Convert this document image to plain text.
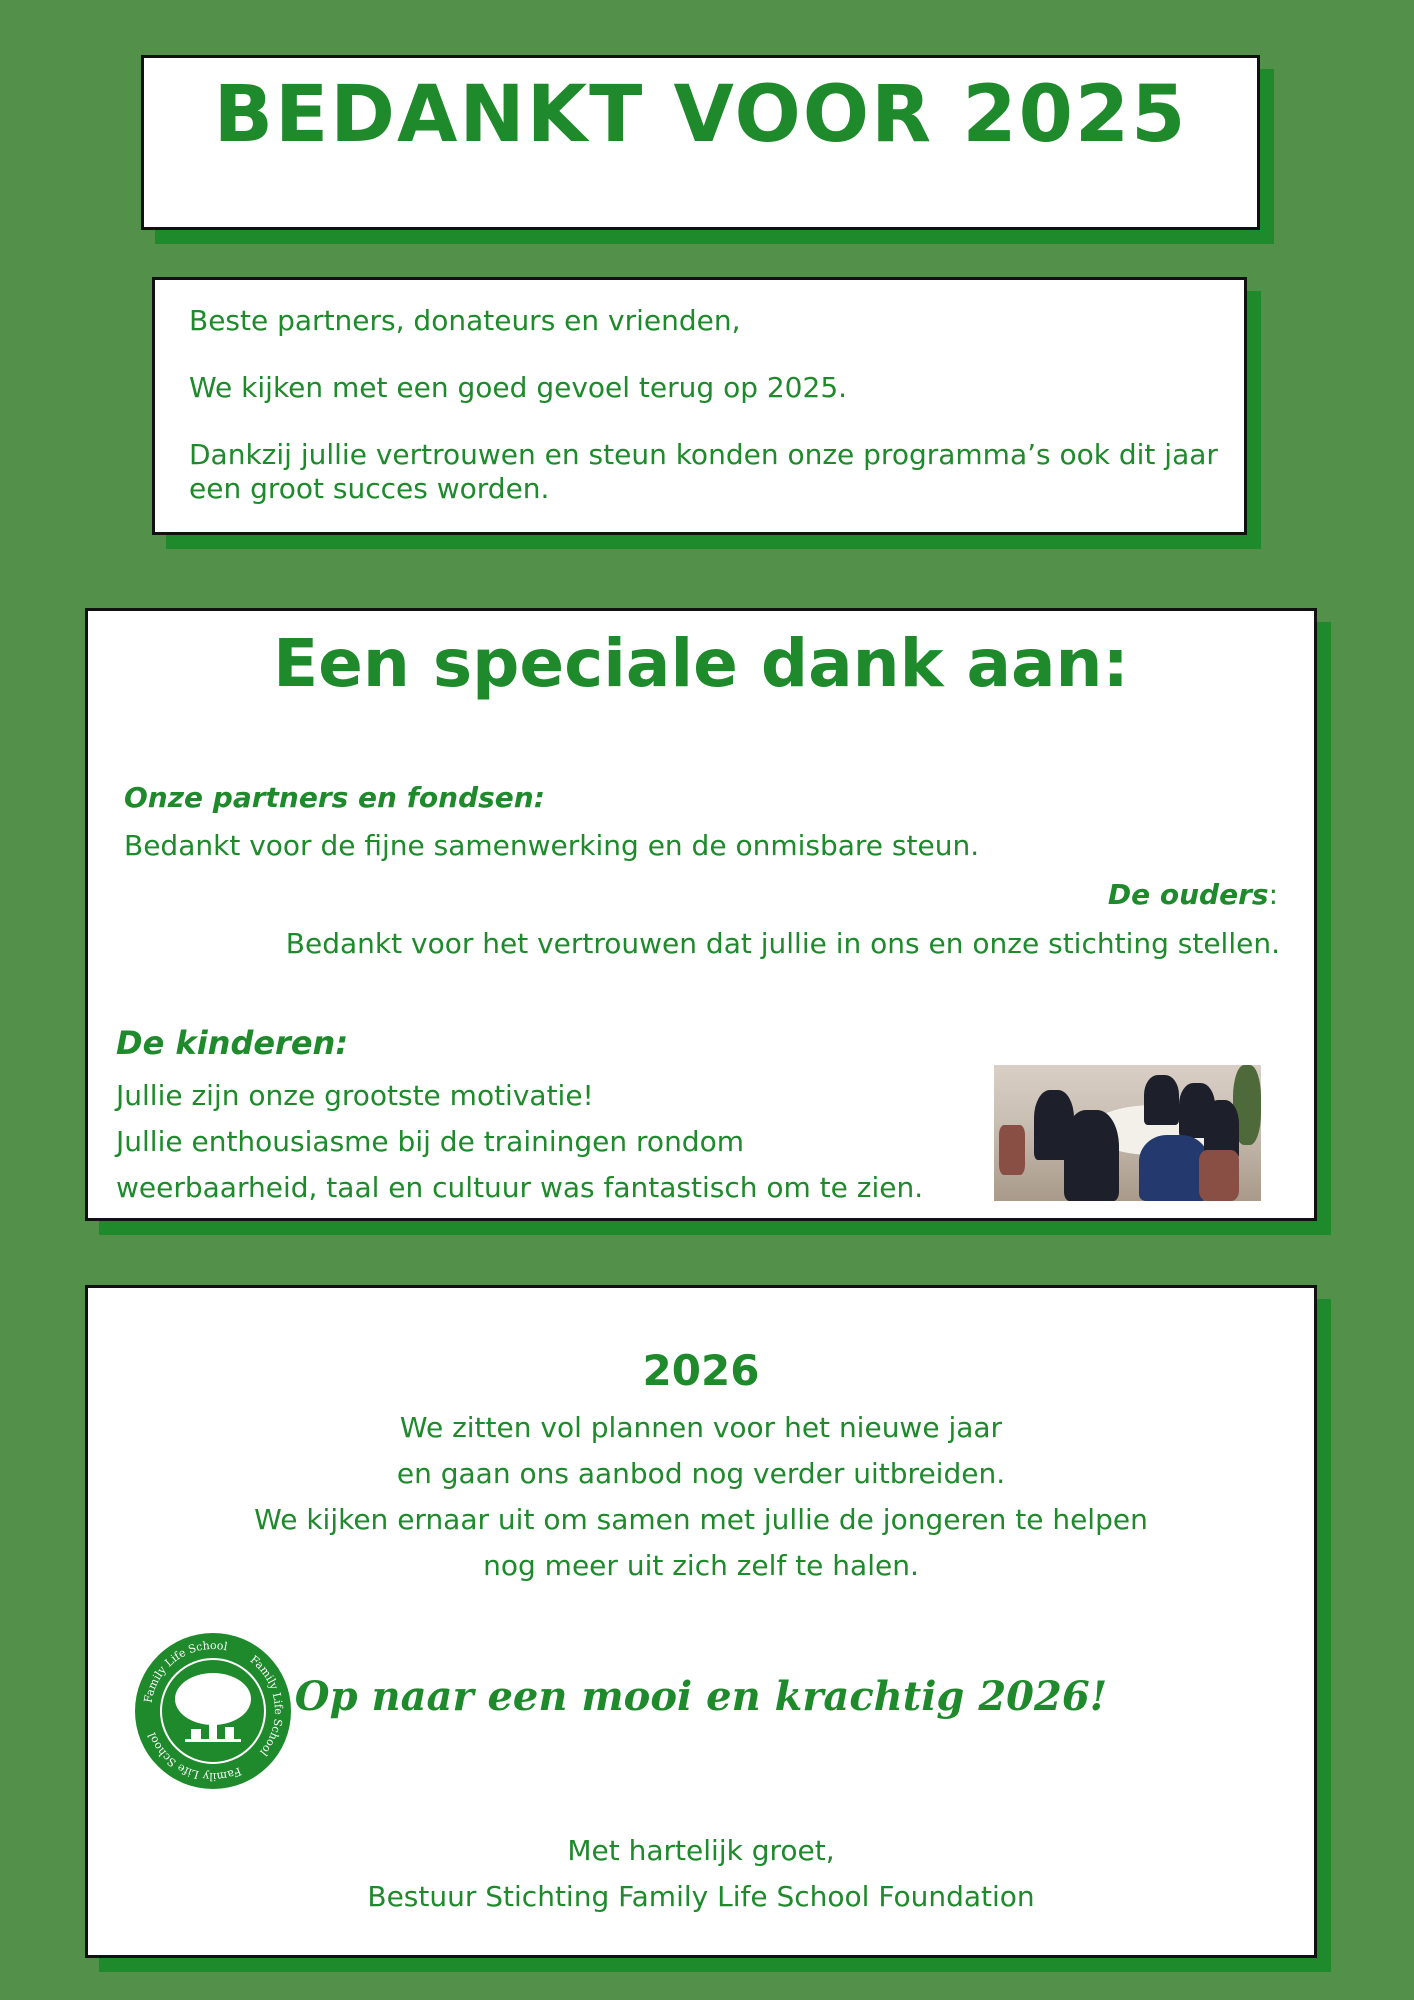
BEDANKT VOOR 2025

Beste partners, donateurs en vrienden,

We kijken met een goed gevoel terug op 2025.

Dankzij jullie vertrouwen en steun konden onze programma’s ook dit jaar een groot succes worden.

Een speciale dank aan:

Onze partners en fondsen:

Bedankt voor de fijne samenwerking en de onmisbare steun.

De ouders:

Bedankt voor het vertrouwen dat jullie in ons en onze stichting stellen.

De kinderen:

Jullie zijn onze grootste motivatie!
Jullie enthousiasme bij de trainingen rondom
weerbaarheid, taal en cultuur was fantastisch om te zien.
2026
We zitten vol plannen voor het nieuwe jaar
en gaan ons aanbod nog verder uitbreiden.
We kijken ernaar uit om samen met jullie de jongeren te helpen
nog meer uit zich zelf te halen.
Family Life School
Family Life School
Family Life School

Op naar een mooi en krachtig 2026!

Met hartelijk groet,
Bestuur Stichting Family Life School Foundation
